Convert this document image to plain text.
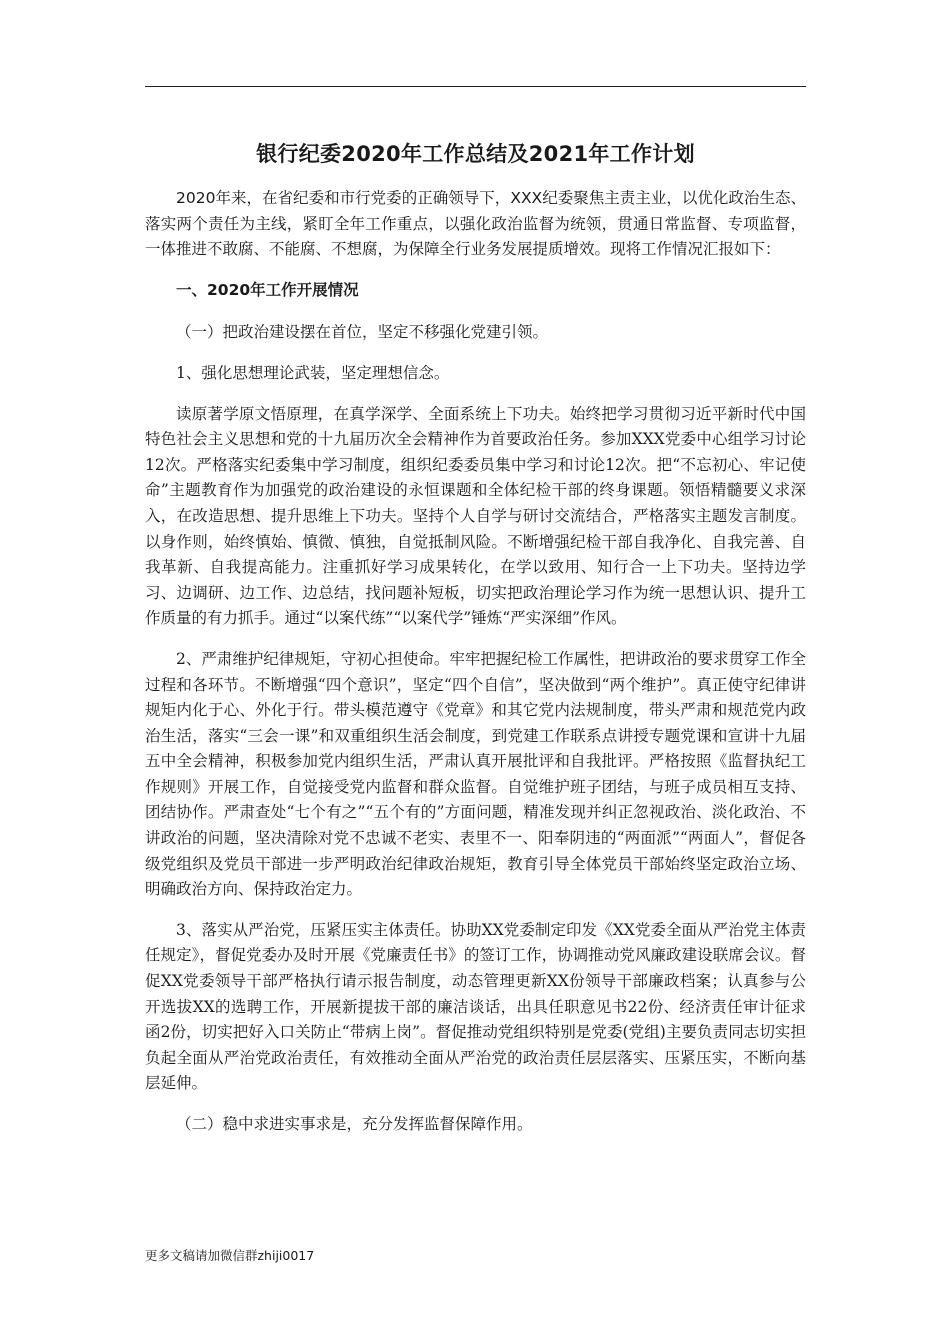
银行纪委2020年工作总结及2021年工作计划

2020年来，在省纪委和市行党委的正确领导下，XXX纪委聚焦主责主业，以优化政治生态、落实两个责任为主线，紧盯全年工作重点，以强化政治监督为统领，贯通日常监督、专项监督，一体推进不敢腐、不能腐、不想腐，为保障全行业务发展提质增效。现将工作情况汇报如下：

一、2020年工作开展情况

（一）把政治建设摆在首位，坚定不移强化党建引领。

1、强化思想理论武装，坚定理想信念。

读原著学原文悟原理，在真学深学、全面系统上下功夫。始终把学习贯彻习近平新时代中国特色社会主义思想和党的十九届历次全会精神作为首要政治任务。参加XXX党委中心组学习讨论12次。严格落实纪委集中学习制度，组织纪委委员集中学习和讨论12次。把“不忘初心、牢记使命”主题教育作为加强党的政治建设的永恒课题和全体纪检干部的终身课题。领悟精髓要义求深入，在改造思想、提升思维上下功夫。坚持个人自学与研讨交流结合，严格落实主题发言制度。以身作则，始终慎始、慎微、慎独，自觉抵制风险。不断增强纪检干部自我净化、自我完善、自我革新、自我提高能力。注重抓好学习成果转化，在学以致用、知行合一上下功夫。坚持边学习、边调研、边工作、边总结，找问题补短板，切实把政治理论学习作为统一思想认识、提升工作质量的有力抓手。通过“以案代练”“以案代学”锤炼“严实深细”作风。

2、严肃维护纪律规矩，守初心担使命。牢牢把握纪检工作属性，把讲政治的要求贯穿工作全过程和各环节。不断增强“四个意识”，坚定“四个自信”，坚决做到“两个维护”。真正使守纪律讲规矩内化于心、外化于行。带头模范遵守《党章》和其它党内法规制度，带头严肃和规范党内政治生活，落实“三会一课”和双重组织生活会制度，到党建工作联系点讲授专题党课和宣讲十九届五中全会精神，积极参加党内组织生活，严肃认真开展批评和自我批评。严格按照《监督执纪工作规则》开展工作，自觉接受党内监督和群众监督。自觉维护班子团结，与班子成员相互支持、团结协作。严肃查处“七个有之”“五个有的”方面问题，精准发现并纠正忽视政治、淡化政治、不讲政治的问题，坚决清除对党不忠诚不老实、表里不一、阳奉阴违的“两面派”“两面人”，督促各级党组织及党员干部进一步严明政治纪律政治规矩，教育引导全体党员干部始终坚定政治立场、明确政治方向、保持政治定力。

3、落实从严治党，压紧压实主体责任。协助XX党委制定印发《XX党委全面从严治党主体责任规定》，督促党委办及时开展《党廉责任书》的签订工作，协调推动党风廉政建设联席会议。督促XX党委领导干部严格执行请示报告制度，动态管理更新XX份领导干部廉政档案；认真参与公开选拔XX的选聘工作，开展新提拔干部的廉洁谈话，出具任职意见书22份、经济责任审计征求函2份，切实把好入口关防止“带病上岗”。督促推动党组织特别是党委(党组)主要负责同志切实担负起全面从严治党政治责任，有效推动全面从严治党的政治责任层层落实、压紧压实，不断向基层延伸。

（二）稳中求进实事求是，充分发挥监督保障作用。

更多文稿请加微信群zhiji0017
